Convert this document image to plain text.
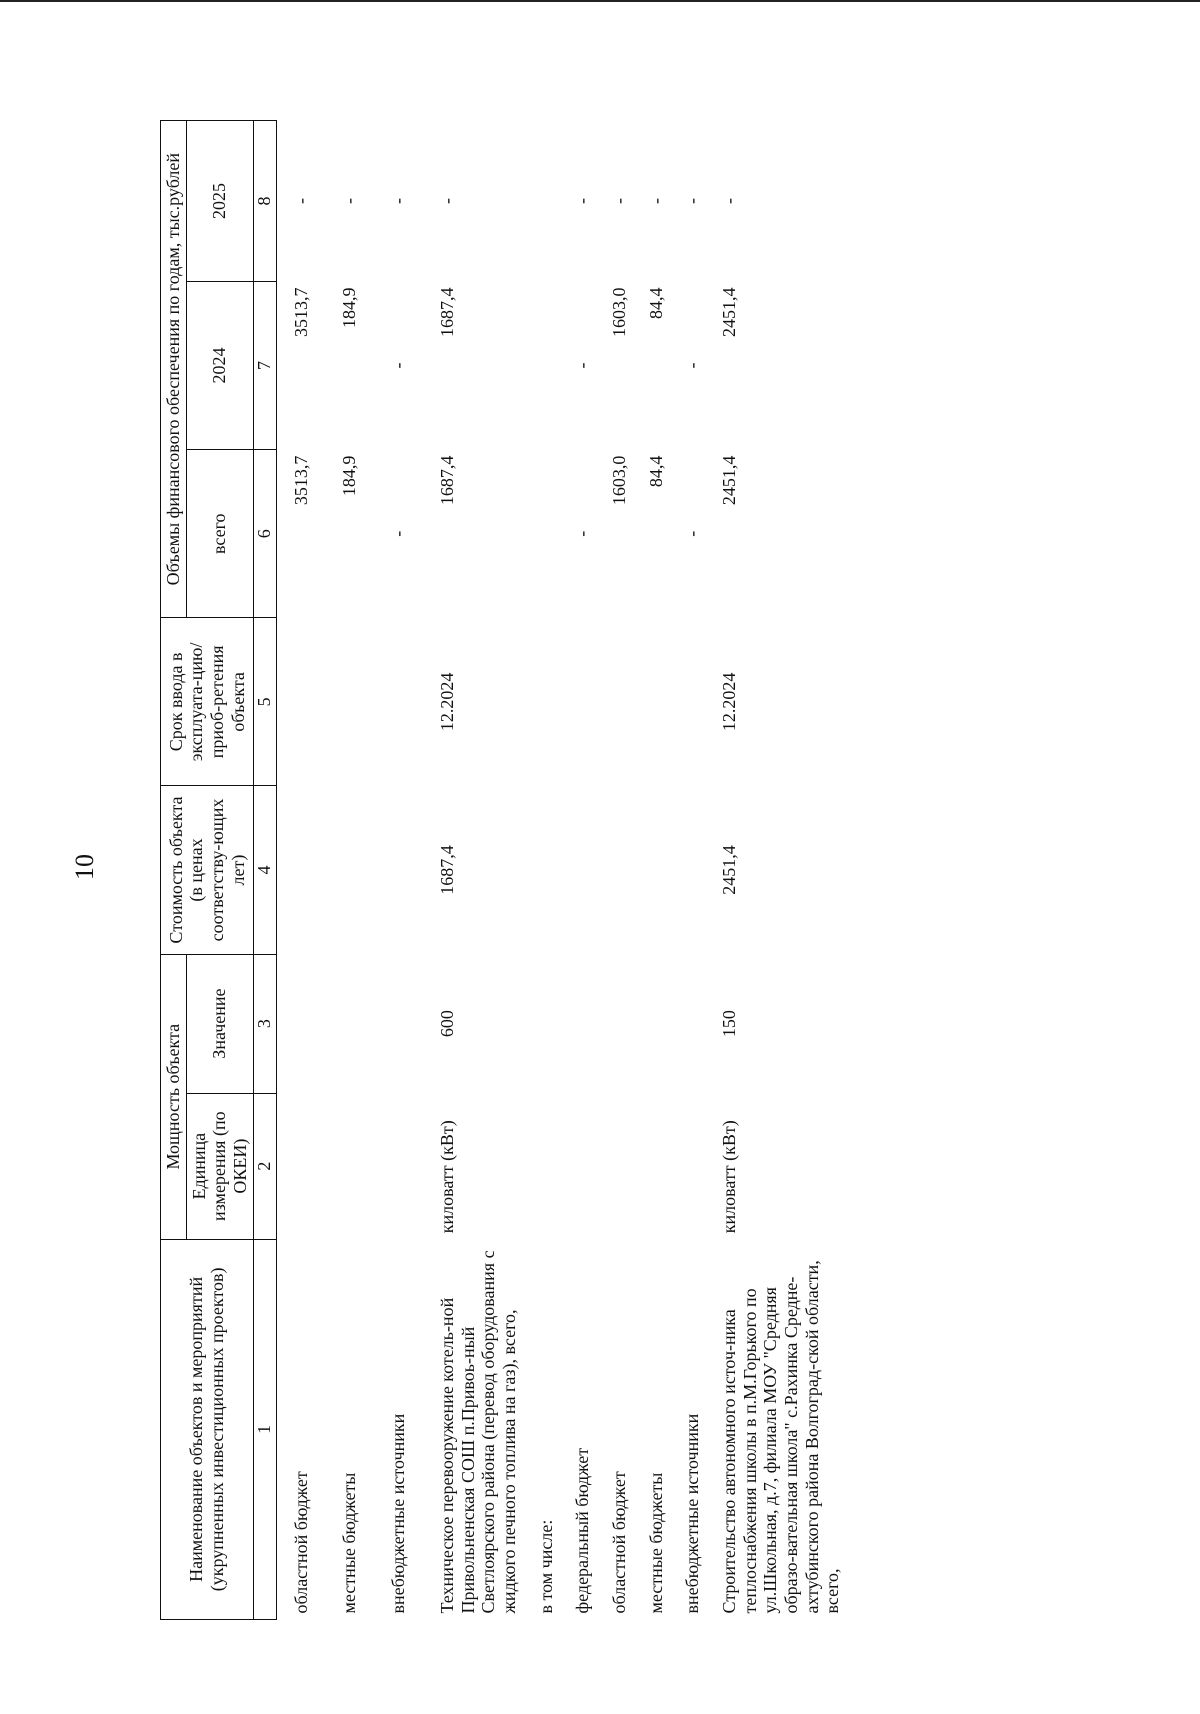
10
Наименование объектов и мероприятий (укрупненных инвестиционных проектов)	Мощность объекта		Стоимость объекта (в ценах соответству-ющих лет)	Срок ввода в эксплуата-цию/приоб-ретения объекта	Объемы финансового обеспечения по годам, тыс.рублей		
	Единица измерения (по ОКЕИ)	Значение			всего	2024	2025
1	2	3	4	5	6	7	8
областной бюджет					3513,7	3513,7	-
местные бюджеты					184,9	184,9	-
внебюджетные источники					-	-	-
Техническое перевооружение котель-ной Привольненская СОШ п.Привоь-ный Светлоярского района (перевод оборудования с жидкого печного топлива на газ), всего,	киловатт (кВт)	600	1687,4	12.2024	1687,4	1687,4	-
в том числе:							
федеральный бюджет					-	-	-
областной бюджет					1603,0	1603,0	-
местные бюджеты					84,4	84,4	-
внебюджетные источники					-	-	-
Строительство автономного источ-ника теплоснабжения школы в п.М.Горького по ул.Школьная, д.7, филиала МОУ "Средняя образо-вательная школа" с.Рахинка Средне-ахтубинского района Волгоград-ской области, всего,	киловатт (кВт)	150	2451,4	12.2024	2451,4	2451,4	-
